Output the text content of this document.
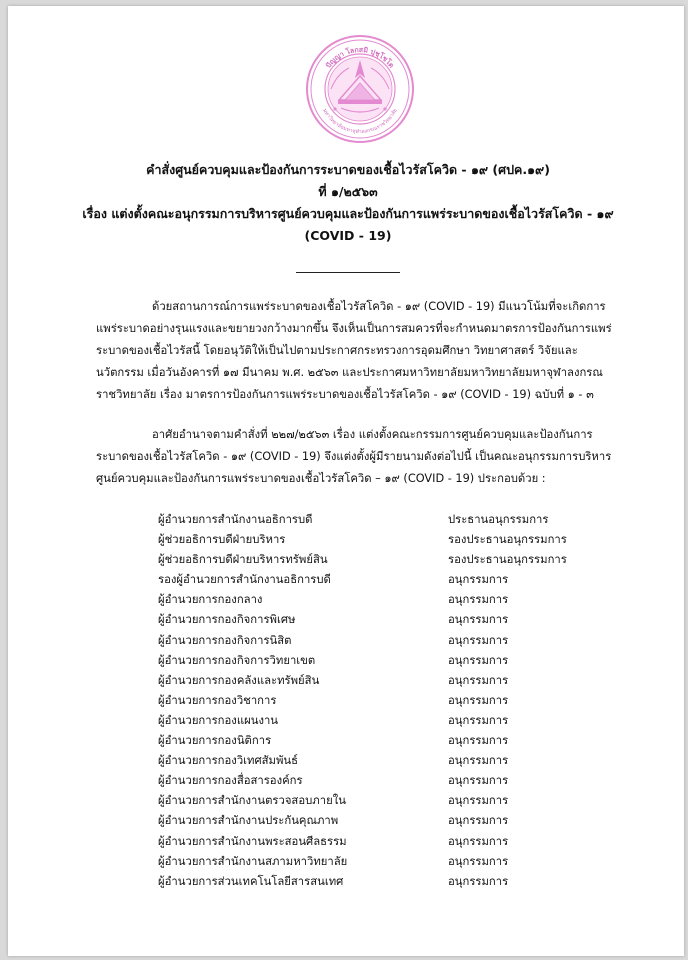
ปัญญา โลกสมิ ปุชฺโชโต
มหาวิทยาลัยมหาจุฬาลงกรณราชวิทยาลัย
คำสั่งศูนย์ควบคุมและป้องกันการระบาดของเชื้อไวรัสโควิด - ๑๙ (ศปค.๑๙)
ที่ ๑/๒๕๖๓
เรื่อง แต่งตั้งคณะอนุกรรมการบริหารศูนย์ควบคุมและป้องกันการแพร่ระบาดของเชื้อไวรัสโควิด - ๑๙
(COVID - 19)
ด้วยสถานการณ์การแพร่ระบาดของเชื้อไวรัสโควิด - ๑๙ (COVID - 19) มีแนวโน้มที่จะเกิดการแพร่ระบาดอย่างรุนแรงและขยายวงกว้างมากขึ้น จึงเห็นเป็นการสมควรที่จะกำหนดมาตรการป้องกันการแพร่ระบาดของเชื้อไวรัสนี้ โดยอนุวัติให้เป็นไปตามประกาศกระทรวงการอุดมศึกษา วิทยาศาสตร์ วิจัยและนวัตกรรม เมื่อวันอังคารที่ ๑๗ มีนาคม พ.ศ. ๒๕๖๓ และประกาศมหาวิทยาลัยมหาวิทยาลัยมหาจุฬาลงกรณราชวิทยาลัย เรื่อง มาตรการป้องกันการแพร่ระบาดของเชื้อไวรัสโควิด - ๑๙ (COVID - 19) ฉบับที่ ๑ - ๓
อาศัยอำนาจตามคำสั่งที่ ๒๒๗/๒๕๖๓ เรื่อง แต่งตั้งคณะกรรมการศูนย์ควบคุมและป้องกันการระบาดของเชื้อไวรัสโควิด - ๑๙ (COVID - 19) จึงแต่งตั้งผู้มีรายนามดังต่อไปนี้ เป็นคณะอนุกรรมการบริหารศูนย์ควบคุมและป้องกันการแพร่ระบาดของเชื้อไวรัสโควิด – ๑๙ (COVID - 19) ประกอบด้วย :
ผู้อำนวยการสำนักงานอธิการบดี	ประธานอนุกรรมการ
ผู้ช่วยอธิการบดีฝ่ายบริหาร	รองประธานอนุกรรมการ
ผู้ช่วยอธิการบดีฝ่ายบริหารทรัพย์สิน	รองประธานอนุกรรมการ
รองผู้อำนวยการสำนักงานอธิการบดี	อนุกรรมการ
ผู้อำนวยการกองกลาง	อนุกรรมการ
ผู้อำนวยการกองกิจการพิเศษ	อนุกรรมการ
ผู้อำนวยการกองกิจการนิสิต	อนุกรรมการ
ผู้อำนวยการกองกิจการวิทยาเขต	อนุกรรมการ
ผู้อำนวยการกองคลังและทรัพย์สิน	อนุกรรมการ
ผู้อำนวยการกองวิชาการ	อนุกรรมการ
ผู้อำนวยการกองแผนงาน	อนุกรรมการ
ผู้อำนวยการกองนิติการ	อนุกรรมการ
ผู้อำนวยการกองวิเทศสัมพันธ์	อนุกรรมการ
ผู้อำนวยการกองสื่อสารองค์กร	อนุกรรมการ
ผู้อำนวยการสำนักงานตรวจสอบภายใน	อนุกรรมการ
ผู้อำนวยการสำนักงานประกันคุณภาพ	อนุกรรมการ
ผู้อำนวยการสำนักงานพระสอนศีลธรรม	อนุกรรมการ
ผู้อำนวยการสำนักงานสภามหาวิทยาลัย	อนุกรรมการ
ผู้อำนวยการส่วนเทคโนโลยีสารสนเทศ	อนุกรรมการ
